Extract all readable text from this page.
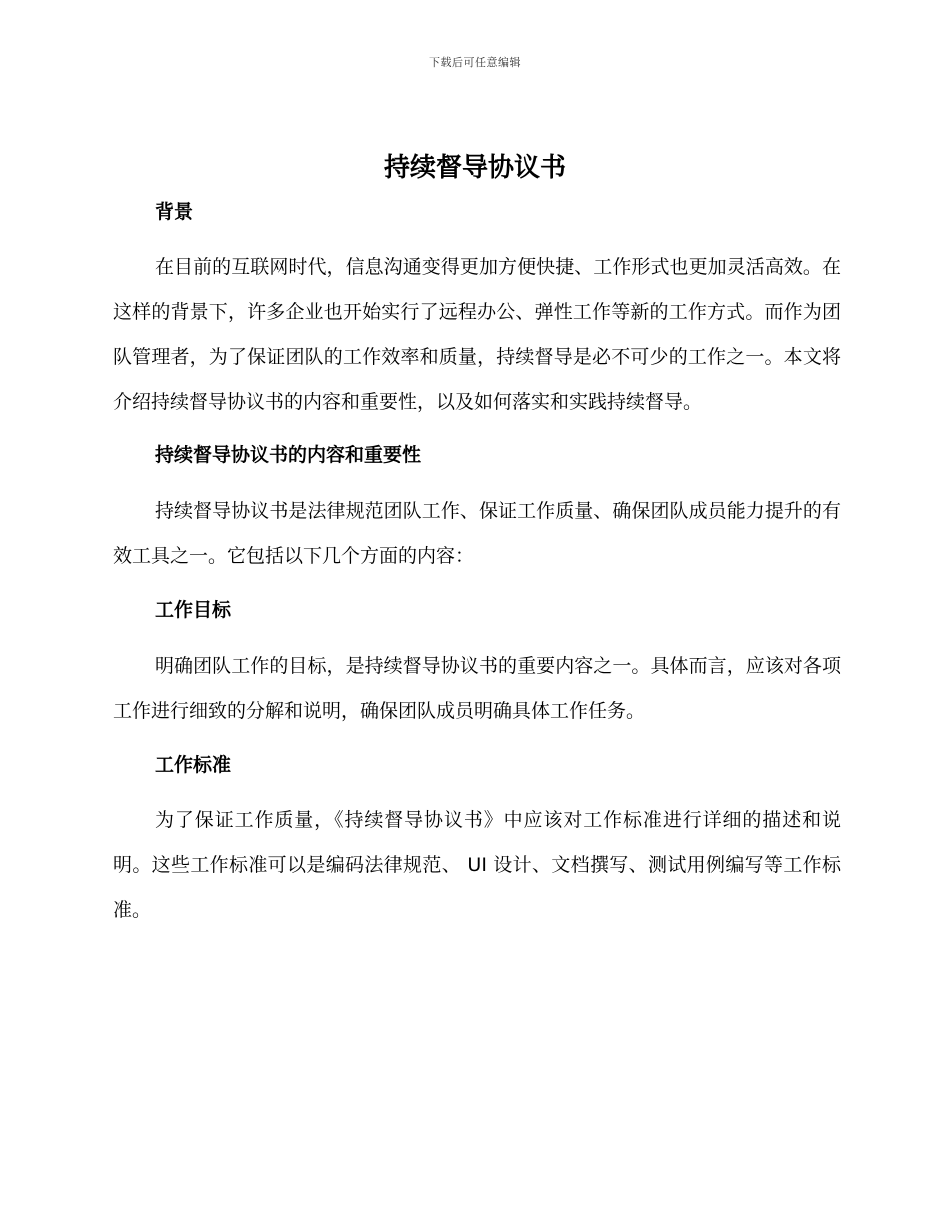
下载后可任意编辑
持续督导协议书

背景

在目前的互联网时代，信息沟通变得更加方便快捷、工作形式也更加灵活高效。在这样的背景下，许多企业也开始实行了远程办公、弹性工作等新的工作方式。而作为团队管理者，为了保证团队的工作效率和质量，持续督导是必不可少的工作之一。本文将介绍持续督导协议书的内容和重要性，以及如何落实和实践持续督导。

持续督导协议书的内容和重要性

持续督导协议书是法律规范团队工作、保证工作质量、确保团队成员能力提升的有效工具之一。它包括以下几个方面的内容：

工作目标

明确团队工作的目标，是持续督导协议书的重要内容之一。具体而言，应该对各项工作进行细致的分解和说明，确保团队成员明确具体工作任务。

工作标准

为了保证工作质量，《持续督导协议书》中应该对工作标准进行详细的描述和说明。这些工作标准可以是编码法律规范、 UI 设计、文档撰写、测试用例编写等工作标准。
